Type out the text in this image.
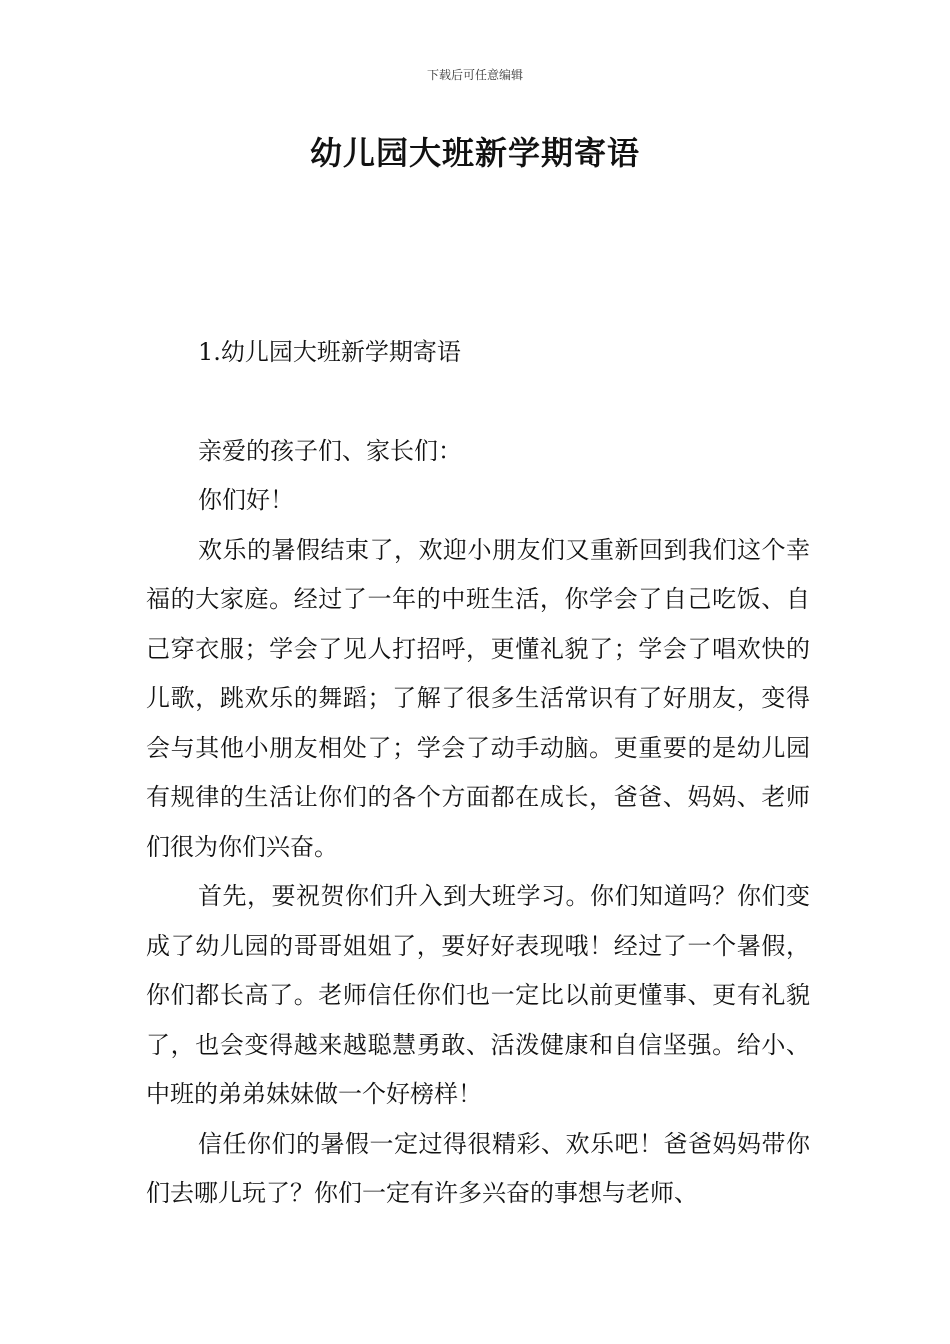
下载后可任意编辑
幼儿园大班新学期寄语

1.幼儿园大班新学期寄语

亲爱的孩子们、家长们：

你们好！

欢乐的暑假结束了，欢迎小朋友们又重新回到我们这个幸福的大家庭。经过了一年的中班生活，你学会了自己吃饭、自己穿衣服；学会了见人打招呼，更懂礼貌了；学会了唱欢快的儿歌，跳欢乐的舞蹈；了解了很多生活常识有了好朋友，变得会与其他小朋友相处了；学会了动手动脑。更重要的是幼儿园有规律的生活让你们的各个方面都在成长，爸爸、妈妈、老师们很为你们兴奋。

首先，要祝贺你们升入到大班学习。你们知道吗？你们变成了幼儿园的哥哥姐姐了，要好好表现哦！经过了一个暑假，你们都长高了。老师信任你们也一定比以前更懂事、更有礼貌了，也会变得越来越聪慧勇敢、活泼健康和自信坚强。给小、中班的弟弟妹妹做一个好榜样！

信任你们的暑假一定过得很精彩、欢乐吧！爸爸妈妈带你们去哪儿玩了？你们一定有许多兴奋的事想与老师、
